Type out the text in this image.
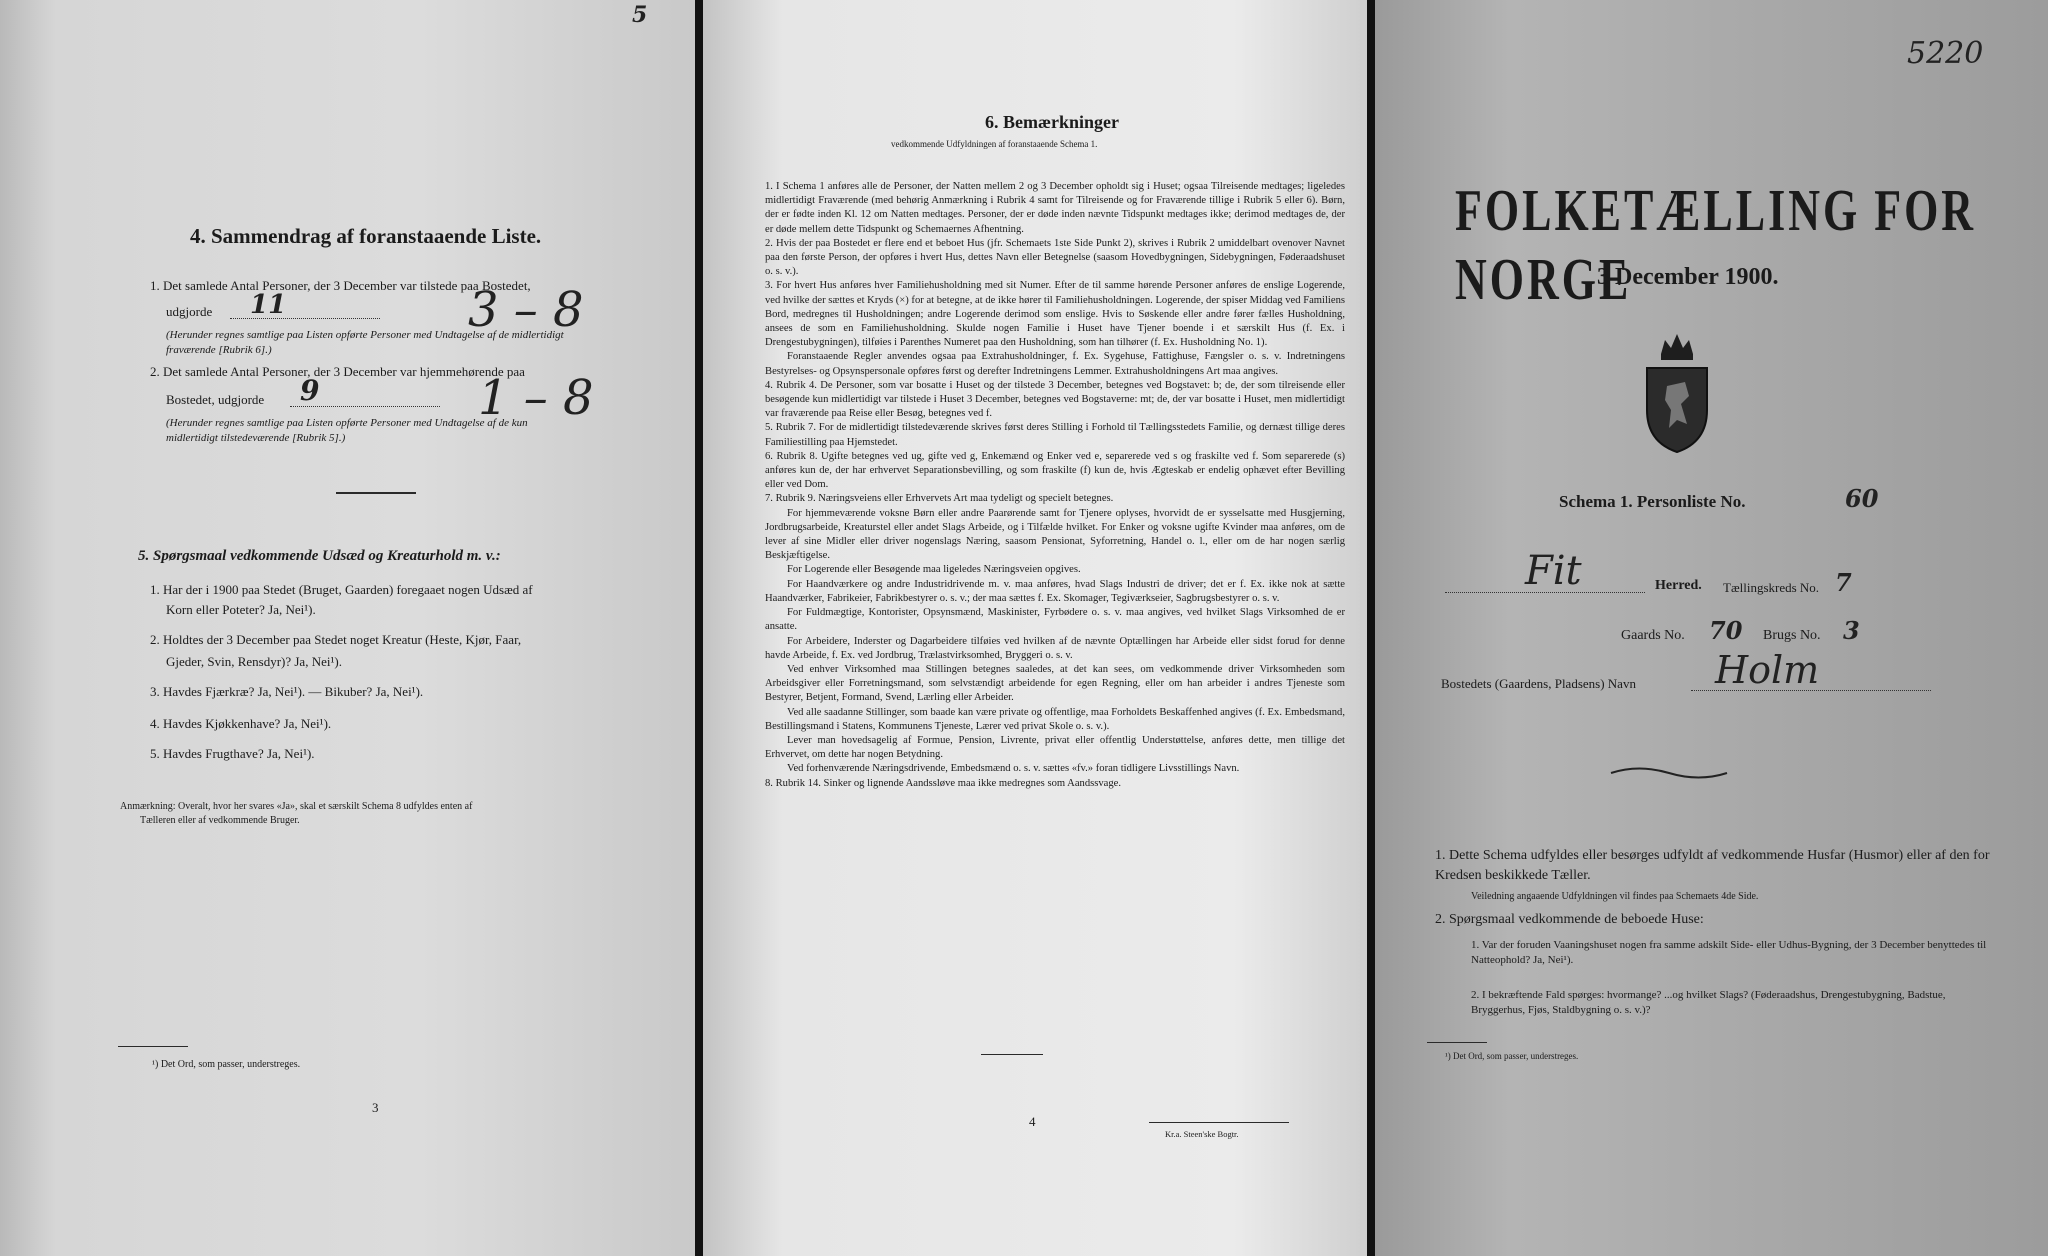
5
4. Sammendrag af foranstaaende Liste.
1. Det samlede Antal Personer, der 3 December var tilstede paa Bostedet,
udgjorde 11	3 – 8
(Herunder regnes samtlige paa Listen opførte Personer med Undtagelse af de midlertidigt
fraværende [Rubrik 6].)
2. Det samlede Antal Personer, der 3 December var hjemmehørende paa
Bostedet, udgjorde 9	1 – 8
(Herunder regnes samtlige paa Listen opførte Personer med Undtagelse af de kun
midlertidigt tilstedeværende [Rubrik 5].)
5. Spørgsmaal vedkommende Udsæd og Kreaturhold m. v.:
1. Har der i 1900 paa Stedet (Bruget, Gaarden) foregaaet nogen Udsæd af
Korn eller Poteter? Ja, Nei¹).
2. Holdtes der 3 December paa Stedet noget Kreatur (Heste, Kjør, Faar,
Gjeder, Svin, Rensdyr)? Ja, Nei¹).
3. Havdes Fjærkræ? Ja, Nei¹). — Bikuber? Ja, Nei¹).
4. Havdes Kjøkkenhave? Ja, Nei¹).
5. Havdes Frugthave? Ja, Nei¹).
Anmærkning: Overalt, hvor her svares «Ja», skal et særskilt Schema 8 udfyldes enten af
Tælleren eller af vedkommende Bruger.
¹) Det Ord, som passer, understreges.
3
6. Bemærkninger
vedkommende Udfyldningen af foranstaaende Schema 1.

1. I Schema 1 anføres alle de Personer, der Natten mellem 2 og 3 December opholdt sig i Huset; ogsaa Tilreisende medtages; ligeledes midlertidigt Fraværende (med behørig Anmærkning i Rubrik 4 samt for Tilreisende og for Fraværende tillige i Rubrik 5 eller 6). Børn, der er fødte inden Kl. 12 om Natten medtages. Personer, der er døde inden nævnte Tidspunkt medtages ikke; derimod medtages de, der er døde mellem dette Tidspunkt og Schemaernes Afhentning.

2. Hvis der paa Bostedet er flere end et beboet Hus (jfr. Schemaets 1ste Side Punkt 2), skrives i Rubrik 2 umiddelbart ovenover Navnet paa den første Person, der opføres i hvert Hus, dettes Navn eller Betegnelse (saasom Hovedbygningen, Sidebygningen, Føderaadshuset o. s. v.).

3. For hvert Hus anføres hver Familiehusholdning med sit Numer. Efter de til samme hørende Personer anføres de enslige Logerende, ved hvilke der sættes et Kryds (×) for at betegne, at de ikke hører til Familiehusholdningen. Logerende, der spiser Middag ved Familiens Bord, medregnes til Husholdningen; andre Logerende derimod som enslige. Hvis to Søskende eller andre fører fælles Husholdning, ansees de som en Familiehusholdning. Skulde nogen Familie i Huset have Tjener boende i et særskilt Hus (f. Ex. i Drengestubygningen), tilføies i Parenthes Numeret paa den Husholdning, som han tilhører (f. Ex. Husholdning No. 1).

Foranstaaende Regler anvendes ogsaa paa Extrahusholdninger, f. Ex. Sygehuse, Fattighuse, Fængsler o. s. v. Indretningens Bestyrelses- og Opsynspersonale opføres først og derefter Indretningens Lemmer. Extrahusholdningens Art maa angives.

4. Rubrik 4. De Personer, som var bosatte i Huset og der tilstede 3 December, betegnes ved Bogstavet: b; de, der som tilreisende eller besøgende kun midlertidigt var tilstede i Huset 3 December, betegnes ved Bogstaverne: mt; de, der var bosatte i Huset, men midlertidigt var fraværende paa Reise eller Besøg, betegnes ved f.

5. Rubrik 7. For de midlertidigt tilstedeværende skrives først deres Stilling i Forhold til Tællingsstedets Familie, og dernæst tillige deres Familiestilling paa Hjemstedet.

6. Rubrik 8. Ugifte betegnes ved ug, gifte ved g, Enkemænd og Enker ved e, separerede ved s og fraskilte ved f. Som separerede (s) anføres kun de, der har erhvervet Separationsbevilling, og som fraskilte (f) kun de, hvis Ægteskab er endelig ophævet efter Bevilling eller ved Dom.

7. Rubrik 9. Næringsveiens eller Erhvervets Art maa tydeligt og specielt betegnes.

For hjemmeværende voksne Børn eller andre Paarørende samt for Tjenere oplyses, hvorvidt de er sysselsatte med Husgjerning, Jordbrugsarbeide, Kreaturstel eller andet Slags Arbeide, og i Tilfælde hvilket. For Enker og voksne ugifte Kvinder maa anføres, om de lever af sine Midler eller driver nogenslags Næring, saasom Pensionat, Syforretning, Handel o. l., eller om de har nogen særlig Beskjæftigelse.

For Logerende eller Besøgende maa ligeledes Næringsveien opgives.

For Haandværkere og andre Industridrivende m. v. maa anføres, hvad Slags Industri de driver; det er f. Ex. ikke nok at sætte Haandværker, Fabrikeier, Fabrikbestyrer o. s. v.; der maa sættes f. Ex. Skomager, Tegiværkseier, Sagbrugsbestyrer o. s. v.

For Fuldmægtige, Kontorister, Opsynsmænd, Maskinister, Fyrbødere o. s. v. maa angives, ved hvilket Slags Virksomhed de er ansatte.

For Arbeidere, Inderster og Dagarbeidere tilføies ved hvilken af de nævnte Optællingen har Arbeide eller sidst forud for denne havde Arbeide, f. Ex. ved Jordbrug, Trælastvirksomhed, Bryggeri o. s. v.

Ved enhver Virksomhed maa Stillingen betegnes saaledes, at det kan sees, om vedkommende driver Virksomheden som Arbeidsgiver eller Forretningsmand, som selvstændigt arbeidende for egen Regning, eller om han arbeider i andres Tjeneste som Bestyrer, Betjent, Formand, Svend, Lærling eller Arbeider.

Ved alle saadanne Stillinger, som baade kan være private og offentlige, maa Forholdets Beskaffenhed angives (f. Ex. Embedsmand, Bestillingsmand i Statens, Kommunens Tjeneste, Lærer ved privat Skole o. s. v.).

Lever man hovedsagelig af Formue, Pension, Livrente, privat eller offentlig Understøttelse, anføres dette, men tillige det Erhvervet, om dette har nogen Betydning.

Ved forhenværende Næringsdrivende, Embedsmænd o. s. v. sættes «fv.» foran tidligere Livsstillings Navn.

8. Rubrik 14. Sinker og lignende Aandssløve maa ikke medregnes som Aandssvage.

4
Kr.a. Steen'ske Bogtr.
5220
FOLKETÆLLING FOR NORGE
3 December 1900.
Schema 1. Personliste No.	60
Fit	Herred. Tællingskreds No. 7
Gaards No. 70 Brugs No. 3
Bostedets (Gaardens, Pladsens) Navn Holm
1. Dette Schema udfyldes eller besørges udfyldt af vedkommende Husfar (Husmor) eller af den for Kredsen beskikkede Tæller.
Veiledning angaaende Udfyldningen vil findes paa Schemaets 4de Side.
2. Spørgsmaal vedkommende de beboede Huse:
1. Var der foruden Vaaningshuset nogen fra samme adskilt Side- eller Udhus-Bygning, der 3 December benyttedes til Natteophold? Ja, Nei¹).
2. I bekræftende Fald spørges: hvormange? ...og hvilket Slags? (Føderaadshus, Drengestubygning, Badstue, Bryggerhus, Fjøs, Staldbygning o. s. v.)?
¹) Det Ord, som passer, understreges.
